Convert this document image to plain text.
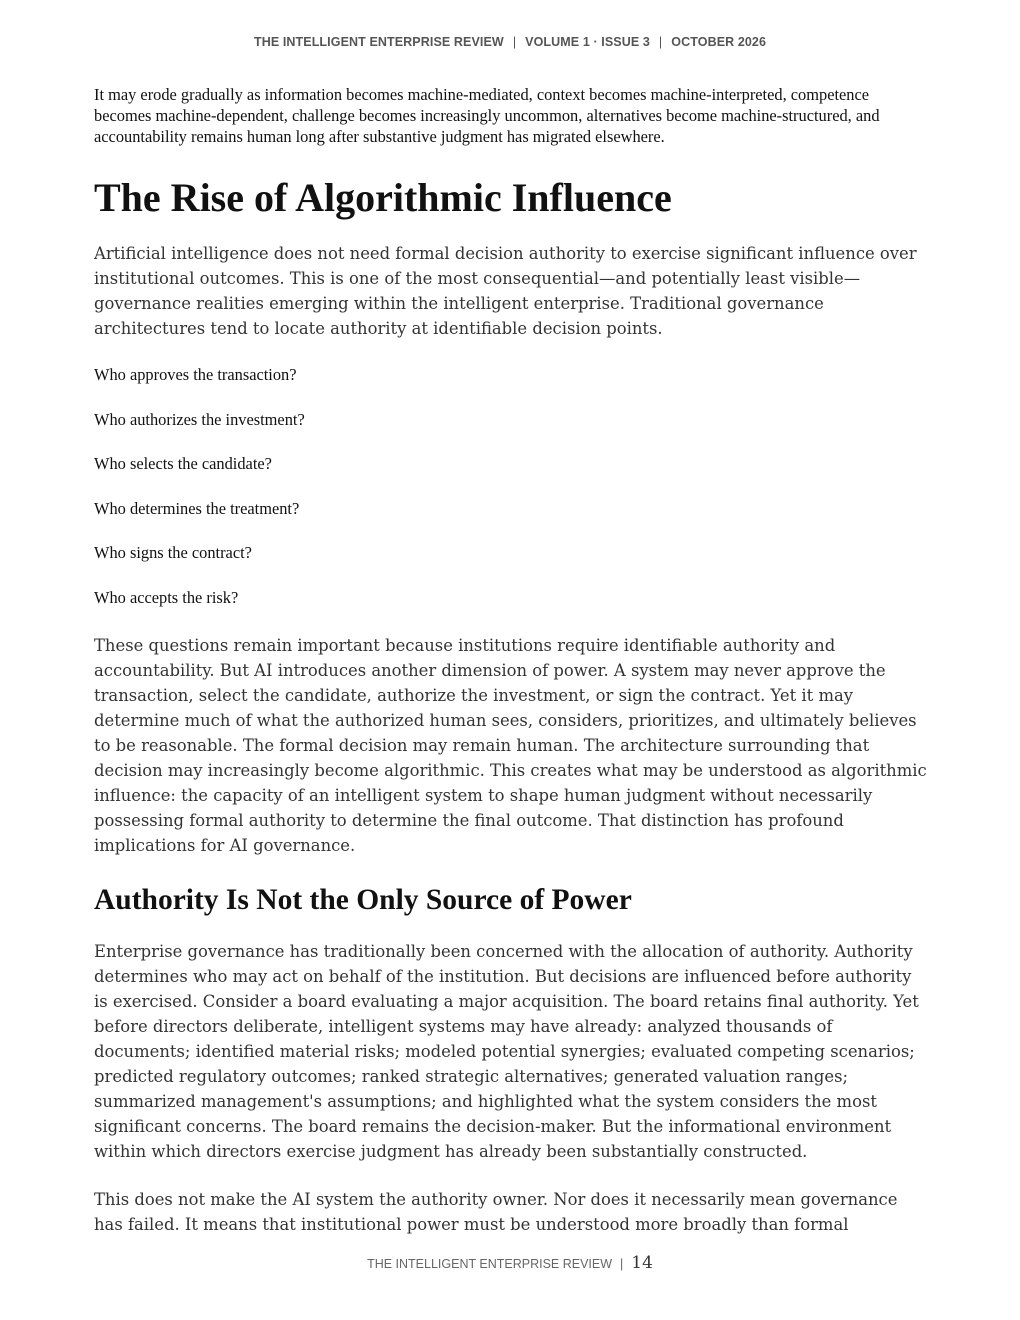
THE INTELLIGENT ENTERPRISE REVIEW | VOLUME 1 · ISSUE 3 | OCTOBER 2026

It may erode gradually as information becomes machine-mediated, context becomes machine-interpreted, competence becomes machine-dependent, challenge becomes increasingly uncommon, alternatives become machine-structured, and accountability remains human long after substantive judgment has migrated elsewhere.

The Rise of Algorithmic Influence

Artificial intelligence does not need formal decision authority to exercise significant influence over institutional outcomes. This is one of the most consequential—and potentially least visible—governance realities emerging within the intelligent enterprise. Traditional governance architectures tend to locate authority at identifiable decision points.

Who approves the transaction?

Who authorizes the investment?

Who selects the candidate?

Who determines the treatment?

Who signs the contract?

Who accepts the risk?

These questions remain important because institutions require identifiable authority and accountability. But AI introduces another dimension of power. A system may never approve the transaction, select the candidate, authorize the investment, or sign the contract. Yet it may determine much of what the authorized human sees, considers, prioritizes, and ultimately believes to be reasonable. The formal decision may remain human. The architecture surrounding that decision may increasingly become algorithmic. This creates what may be understood as algorithmic influence: the capacity of an intelligent system to shape human judgment without necessarily possessing formal authority to determine the final outcome. That distinction has profound implications for AI governance.

Authority Is Not the Only Source of Power

Enterprise governance has traditionally been concerned with the allocation of authority. Authority determines who may act on behalf of the institution. But decisions are influenced before authority is exercised. Consider a board evaluating a major acquisition. The board retains final authority. Yet before directors deliberate, intelligent systems may have already: analyzed thousands of documents; identified material risks; modeled potential synergies; evaluated competing scenarios; predicted regulatory outcomes; ranked strategic alternatives; generated valuation ranges; summarized management's assumptions; and highlighted what the system considers the most significant concerns. The board remains the decision-maker. But the informational environment within which directors exercise judgment has already been substantially constructed.

This does not make the AI system the authority owner. Nor does it necessarily mean governance has failed. It means that institutional power must be understood more broadly than formal

THE INTELLIGENT ENTERPRISE REVIEW | 14
